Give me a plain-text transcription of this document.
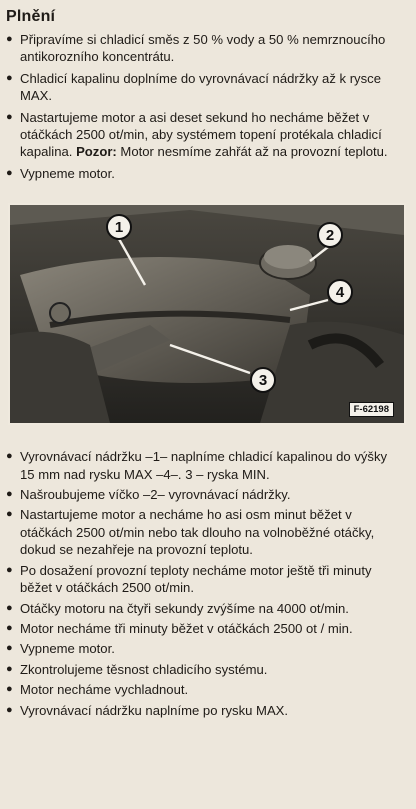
Plnění
● Připravíme si chladicí směs z 50 % vody a 50 % nemrznoucího antikorozního koncentrátu.
● Chladicí kapalinu doplníme do vyrovnávací nádržky až k rysce MAX.
● Nastartujeme motor a asi deset sekund ho necháme běžet v otáčkách 2500 ot/min, aby systémem topení protékala chladicí kapalina. Pozor: Motor nesmíme zahřát až na provozní teplotu.
● Vypneme motor.
1	2
3
4
F-62198
● Vyrovnávací nádržku –1– naplníme chladicí kapalinou do výšky 15 mm nad rysku MAX –4–. 3 – ryska MIN.
● Našroubujeme víčko –2– vyrovnávací nádržky.
● Nastartujeme motor a necháme ho asi osm minut běžet v otáčkách 2500 ot/min nebo tak dlouho na volnoběžné otáčky, dokud se nezahřeje na provozní teplotu.
● Po dosažení provozní teploty necháme motor ještě tři minuty běžet v otáčkách 2500 ot/min.
● Otáčky motoru na čtyři sekundy zvýšíme na 4000 ot/min.
● Motor necháme tři minuty běžet v otáčkách 2500 ot / min.
● Vypneme motor.
● Zkontrolujeme těsnost chladicího systému.
● Motor necháme vychladnout.
● Vyrovnávací nádržku naplníme po rysku MAX.
